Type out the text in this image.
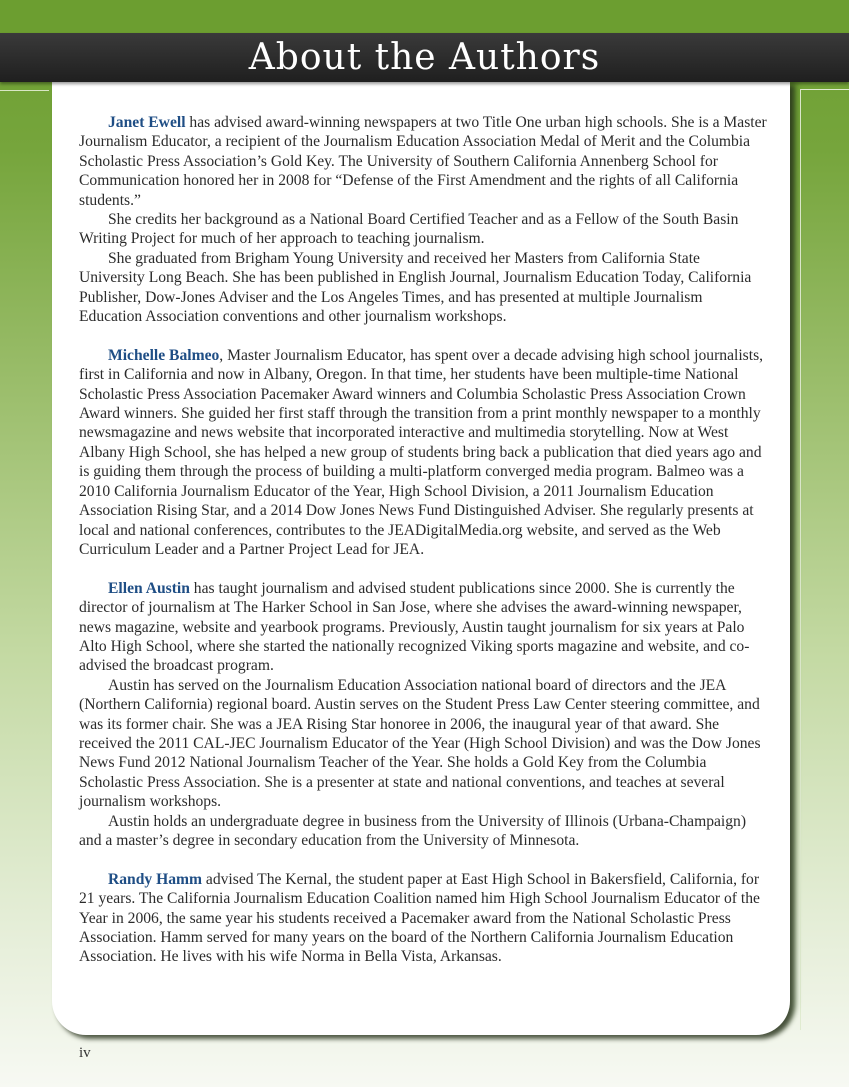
About the Authors

Janet Ewell has advised award-winning newspapers at two Title One urban high schools. She is a Master Journalism Educator, a recipient of the Journalism Education Association Medal of Merit and the Columbia Scholastic Press Association’s Gold Key. The University of Southern California Annenberg School for Communication honored her in 2008 for “Defense of the First Amendment and the rights of all California students.”

She credits her background as a National Board Certified Teacher and as a Fellow of the South Basin Writing Project for much of her approach to teaching journalism.

She graduated from Brigham Young University and received her Masters from California State University Long Beach. She has been published in English Journal, Journalism Education Today, California Publisher, Dow-Jones Adviser and the Los Angeles Times, and has presented at multiple Journalism Education Association conventions and other journalism workshops.

Michelle Balmeo, Master Journalism Educator, has spent over a decade advising high school journalists, first in California and now in Albany, Oregon. In that time, her students have been multiple-time National Scholastic Press Association Pacemaker Award winners and Columbia Scholastic Press Association Crown Award winners. She guided her first staff through the transition from a print monthly newspaper to a monthly newsmagazine and news website that incorporated interactive and multimedia storytelling. Now at West Albany High School, she has helped a new group of students bring back a publication that died years ago and is guiding them through the process of building a multi-platform converged media program. Balmeo was a 2010 California Journalism Educator of the Year, High School Division, a 2011 Journalism Education Association Rising Star, and a 2014 Dow Jones News Fund Distinguished Adviser. She regularly presents at local and national conferences, contributes to the JEADigitalMedia.org website, and served as the Web Curriculum Leader and a Partner Project Lead for JEA.

Ellen Austin has taught journalism and advised student publications since 2000. She is currently the director of journalism at The Harker School in San Jose, where she advises the award-winning newspaper, news magazine, website and yearbook programs. Previously, Austin taught journalism for six years at Palo Alto High School, where she started the nationally recognized Viking sports magazine and website, and co-advised the broadcast program.

Austin has served on the Journalism Education Association national board of directors and the JEA (Northern California) regional board. Austin serves on the Student Press Law Center steering committee, and was its former chair. She was a JEA Rising Star honoree in 2006, the inaugural year of that award. She received the 2011 CAL-JEC Journalism Educator of the Year (High School Division) and was the Dow Jones News Fund 2012 National Journalism Teacher of the Year. She holds a Gold Key from the Columbia Scholastic Press Association. She is a presenter at state and national conventions, and teaches at several journalism workshops.

Austin holds an undergraduate degree in business from the University of Illinois (Urbana-Champaign) and a master’s degree in secondary education from the University of Minnesota.

Randy Hamm advised The Kernal, the student paper at East High School in Bakersfield, California, for 21 years. The California Journalism Education Coalition named him High School Journalism Educator of the Year in 2006, the same year his students received a Pacemaker award from the National Scholastic Press Association. Hamm served for many years on the board of the Northern California Journalism Education Association. He lives with his wife Norma in Bella Vista, Arkansas.

iv
